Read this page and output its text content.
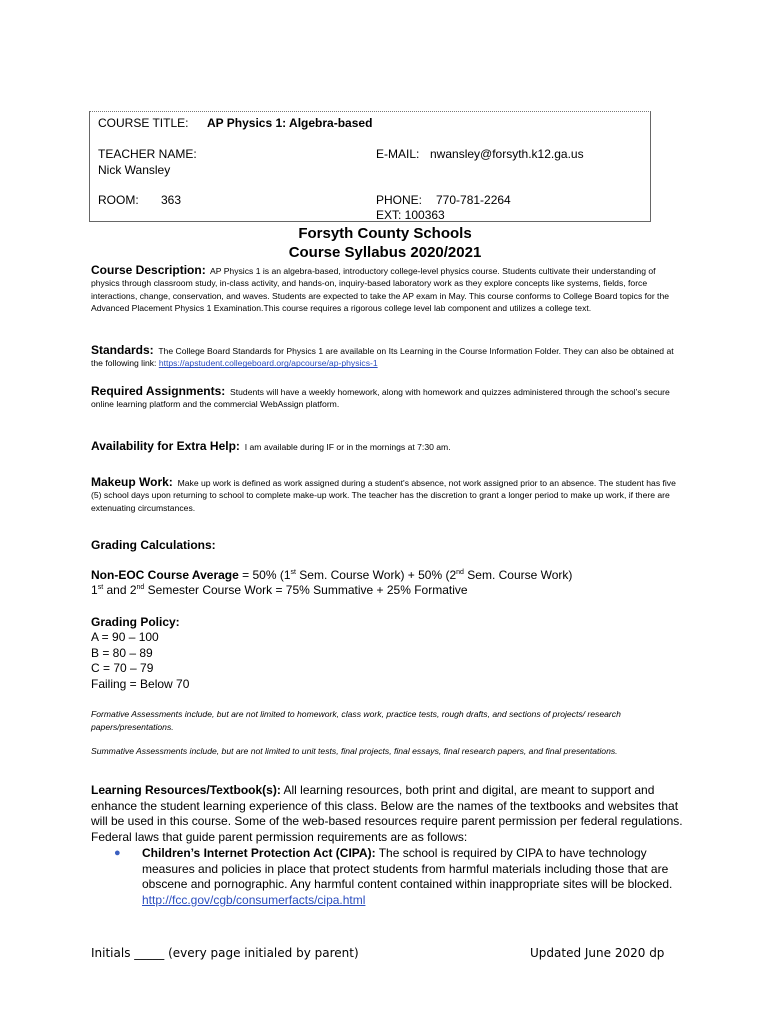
COURSE TITLE: AP Physics 1: Algebra-based
TEACHER NAME:
Nick Wansley
E-MAIL: nwansley@forsyth.k12.ga.us
ROOM: 363	PHONE: 770-781-2264
EXT: 100363
Forsyth County Schools
Course Syllabus 2020/2021
Course Description: AP Physics 1 is an algebra-based, introductory college-level physics course. Students cultivate their understanding of physics through classroom study, in-class activity, and hands-on, inquiry-based laboratory work as they explore concepts like systems, fields, force interactions, change, conservation, and waves. Students are expected to take the AP exam in May. This course conforms to College Board topics for the Advanced Placement Physics 1 Examination.This course requires a rigorous college level lab component and utilizes a college text.
Standards: The College Board Standards for Physics 1 are available on Its Learning in the Course Information Folder. They can also be obtained at the following link: https://apstudent.collegeboard.org/apcourse/ap-physics-1
Required Assignments: Students will have a weekly homework, along with homework and quizzes administered through the school’s secure online learning platform and the commercial WebAssign platform.
Availability for Extra Help: I am available during IF or in the mornings at 7:30 am.
Makeup Work: Make up work is defined as work assigned during a student's absence, not work assigned prior to an absence. The student has five (5) school days upon returning to school to complete make-up work. The teacher has the discretion to grant a longer period to make up work, if there are extenuating circumstances.
Grading Calculations:
Non-EOC Course Average = 50% (1st Sem. Course Work) + 50% (2nd Sem. Course Work)
1st and 2nd Semester Course Work = 75% Summative + 25% Formative
Grading Policy:
A = 90 – 100
B = 80 – 89
C = 70 – 79
Failing = Below 70
Formative Assessments include, but are not limited to homework, class work, practice tests, rough drafts, and sections of projects/ research papers/presentations.
Summative Assessments include, but are not limited to unit tests, final projects, final essays, final research papers, and final presentations.
Learning Resources/Textbook(s): All learning resources, both print and digital, are meant to support and enhance the student learning experience of this class. Below are the names of the textbooks and websites that will be used in this course. Some of the web-based resources require parent permission per federal regulations. Federal laws that guide parent permission requirements are as follows:
●	Children’s Internet Protection Act (CIPA): The school is required by CIPA to have technology measures and policies in place that protect students from harmful materials including those that are obscene and pornographic. Any harmful content contained within inappropriate sites will be blocked. http://fcc.gov/cgb/consumerfacts/cipa.html
Initials _____ (every page initialed by parent)	Updated June 2020 dp
